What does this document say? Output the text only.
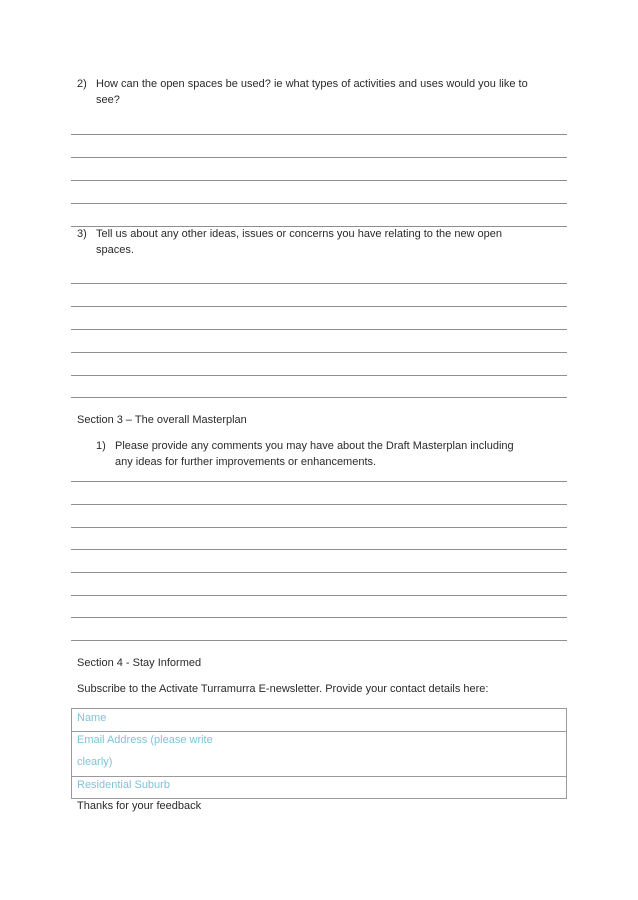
2) How can the open spaces be used? ie what types of activities and uses would you like to
see?
3) Tell us about any other ideas, issues or concerns you have relating to the new open
spaces.
Section 3 – The overall Masterplan
1) Please provide any comments you may have about the Draft Masterplan including
any ideas for further improvements or enhancements.
Section 4 - Stay Informed
Subscribe to the Activate Turramurra E-newsletter. Provide your contact details here:
Name
Email Address (please write
clearly)
Residential Suburb
Thanks for your feedback
